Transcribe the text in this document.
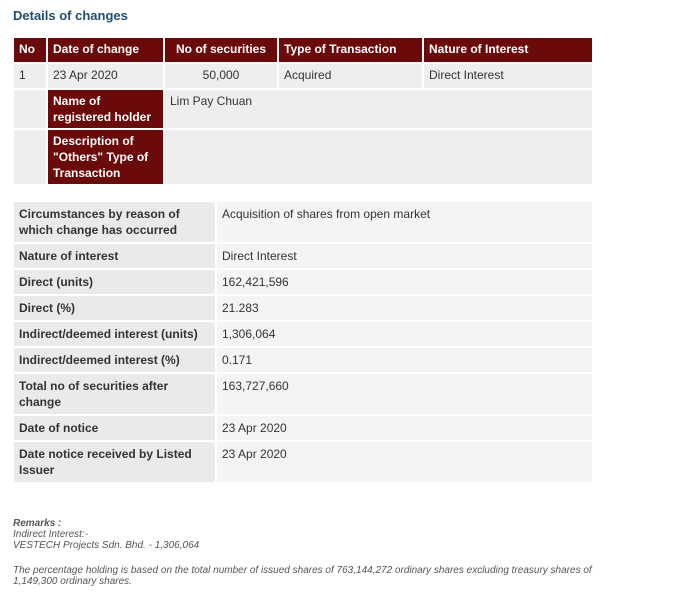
Details of changes
No	Date of change	No of securities	Type of Transaction	Nature of Interest
1	23 Apr 2020	50,000	Acquired	Direct Interest
	Name of registered holder	Lim Pay Chuan		
	Description of "Others" Type of Transaction			
Circumstances by reason of which change has occurred	Acquisition of shares from open market
Nature of interest	Direct Interest
Direct (units)	162,421,596
Direct (%)	21.283
Indirect/deemed interest (units)	1,306,064
Indirect/deemed interest (%)	0.171
Total no of securities after change	163,727,660
Date of notice	23 Apr 2020
Date notice received by Listed Issuer	23 Apr 2020
Remarks :
Indirect Interest:-
VESTECH Projects Sdn. Bhd. - 1,306,064
The percentage holding is based on the total number of issued shares of 763,144,272 ordinary shares excluding treasury shares of 1,149,300 ordinary shares.
